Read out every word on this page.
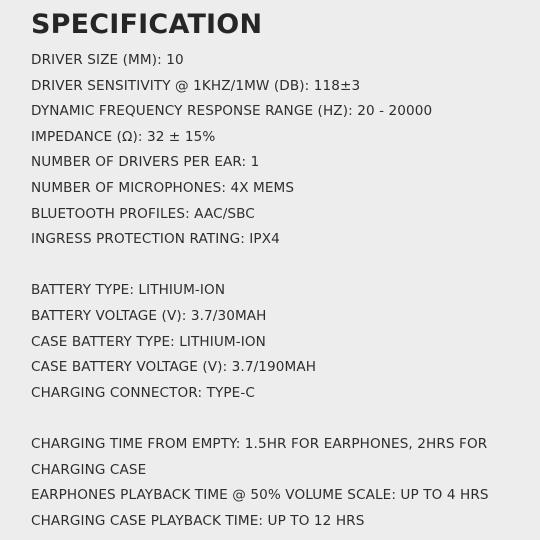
SPECIFICATION
DRIVER SIZE (MM): 10
DRIVER SENSITIVITY @ 1KHZ/1MW (DB): 118±3
DYNAMIC FREQUENCY RESPONSE RANGE (HZ): 20 - 20000
IMPEDANCE (Ω): 32 ± 15%
NUMBER OF DRIVERS PER EAR: 1
NUMBER OF MICROPHONES: 4X MEMS
BLUETOOTH PROFILES: AAC/SBC
INGRESS PROTECTION RATING: IPX4
BATTERY TYPE: LITHIUM-ION
BATTERY VOLTAGE (V): 3.7/30MAH
CASE BATTERY TYPE: LITHIUM-ION
CASE BATTERY VOLTAGE (V): 3.7/190MAH
CHARGING CONNECTOR: TYPE-C
CHARGING TIME FROM EMPTY: 1.5HR FOR EARPHONES, 2HRS FOR CHARGING CASE
EARPHONES PLAYBACK TIME @ 50% VOLUME SCALE: UP TO 4 HRS
CHARGING CASE PLAYBACK TIME: UP TO 12 HRS
